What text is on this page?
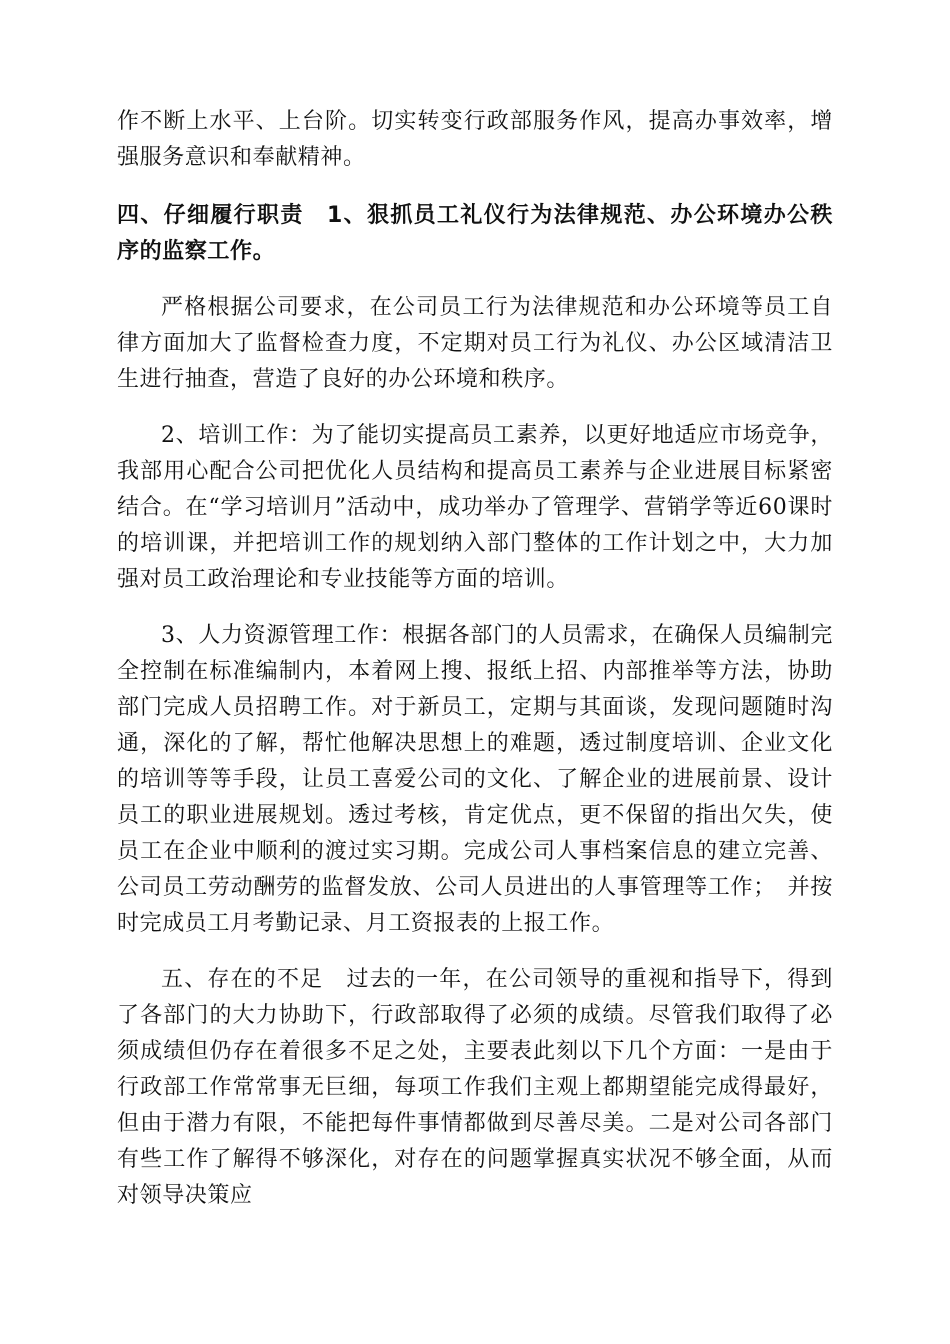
作不断上水平、上台阶。切实转变行政部服务作风，提高办事效率，增强服务意识和奉献精神。

四、仔细履行职责　1、狠抓员工礼仪行为法律规范、办公环境办公秩序的监察工作。

严格根据公司要求，在公司员工行为法律规范和办公环境等员工自律方面加大了监督检查力度，不定期对员工行为礼仪、办公区域清洁卫生进行抽查，营造了良好的办公环境和秩序。

2、培训工作：为了能切实提高员工素养，以更好地适应市场竞争，我部用心配合公司把优化人员结构和提高员工素养与企业进展目标紧密结合。在“学习培训月”活动中，成功举办了管理学、营销学等近60课时的培训课，并把培训工作的规划纳入部门整体的工作计划之中，大力加强对员工政治理论和专业技能等方面的培训。

3、人力资源管理工作：根据各部门的人员需求，在确保人员编制完全控制在标准编制内，本着网上搜、报纸上招、内部推举等方法，协助部门完成人员招聘工作。对于新员工，定期与其面谈，发现问题随时沟通，深化的了解，帮忙他解决思想上的难题，透过制度培训、企业文化的培训等等手段，让员工喜爱公司的文化、了解企业的进展前景、设计员工的职业进展规划。透过考核，肯定优点，更不保留的指出欠失，使员工在企业中顺利的渡过实习期。完成公司人事档案信息的建立完善、公司员工劳动酬劳的监督发放、公司人员进出的人事管理等工作；　并按时完成员工月考勤记录、月工资报表的上报工作。

五、存在的不足　过去的一年，在公司领导的重视和指导下，得到了各部门的大力协助下，行政部取得了必须的成绩。尽管我们取得了必须成绩但仍存在着很多不足之处，主要表此刻以下几个方面：一是由于行政部工作常常事无巨细，每项工作我们主观上都期望能完成得最好，但由于潜力有限，不能把每件事情都做到尽善尽美。二是对公司各部门有些工作了解得不够深化，对存在的问题掌握真实状况不够全面，从而对领导决策应
